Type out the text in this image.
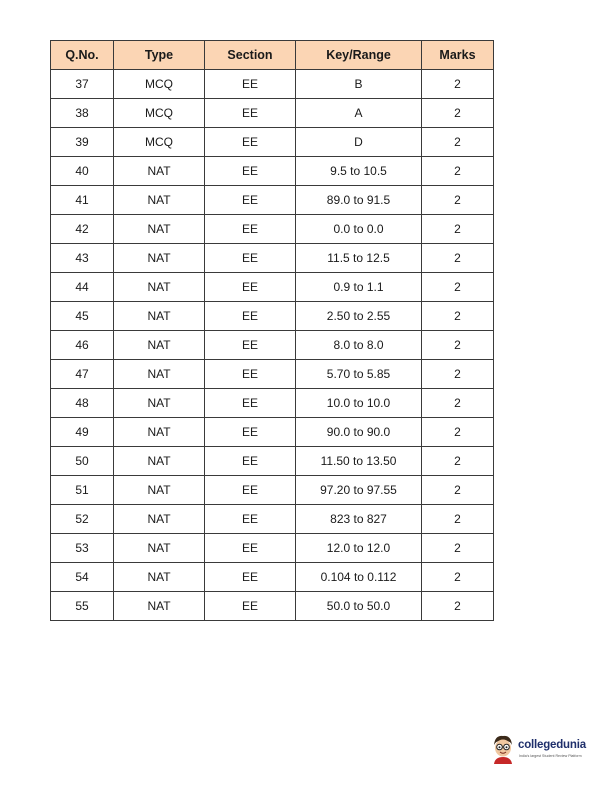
Q.No.	Type	Section	Key/Range	Marks
37	MCQ	EE	B	2
38	MCQ	EE	A	2
39	MCQ	EE	D	2
40	NAT	EE	9.5 to 10.5	2
41	NAT	EE	89.0 to 91.5	2
42	NAT	EE	0.0 to 0.0	2
43	NAT	EE	11.5 to 12.5	2
44	NAT	EE	0.9 to 1.1	2
45	NAT	EE	2.50 to 2.55	2
46	NAT	EE	8.0 to 8.0	2
47	NAT	EE	5.70 to 5.85	2
48	NAT	EE	10.0 to 10.0	2
49	NAT	EE	90.0 to 90.0	2
50	NAT	EE	11.50 to 13.50	2
51	NAT	EE	97.20 to 97.55	2
52	NAT	EE	823 to 827	2
53	NAT	EE	12.0 to 12.0	2
54	NAT	EE	0.104 to 0.112	2
55	NAT	EE	50.0 to 50.0	2
collegedunia
India's largest Student Review Platform
